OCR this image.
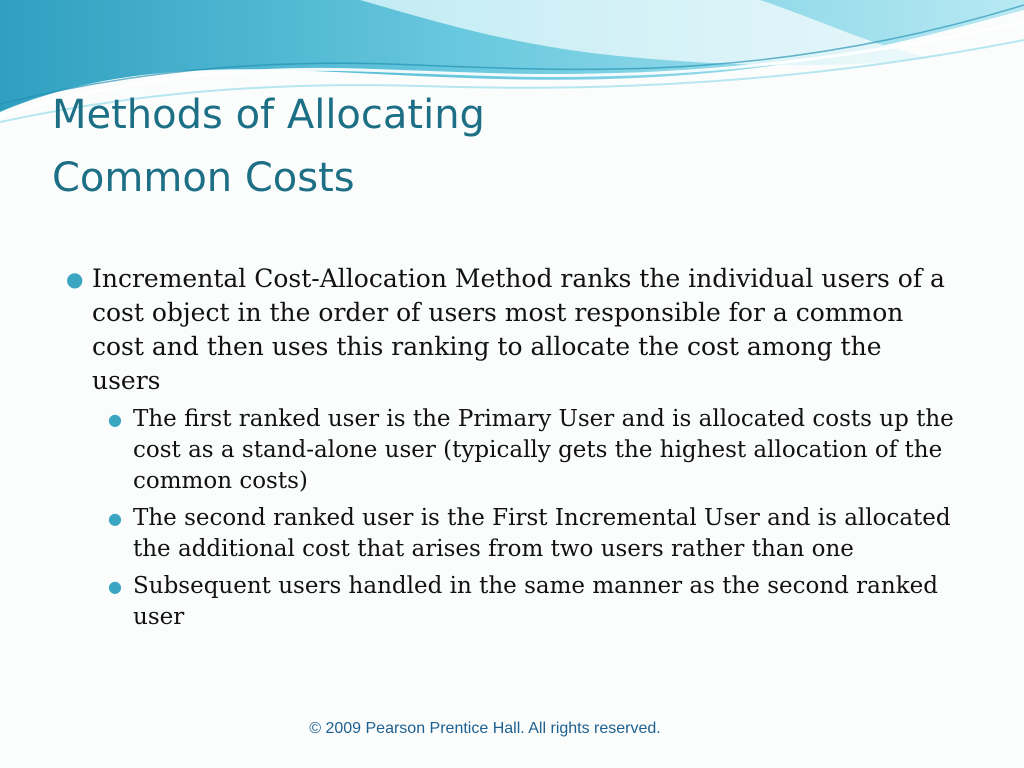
Methods of Allocating
Common Costs
● Incremental Cost-Allocation Method ranks the individual users of a cost object in the order of users most responsible for a common cost and then uses this ranking to allocate the cost among the users
● The first ranked user is the Primary User and is allocated costs up the cost as a stand-alone user (typically gets the highest allocation of the common costs)
● The second ranked user is the First Incremental User and is allocated the additional cost that arises from two users rather than one
● Subsequent users handled in the same manner as the second ranked user
© 2009 Pearson Prentice Hall. All rights reserved.
